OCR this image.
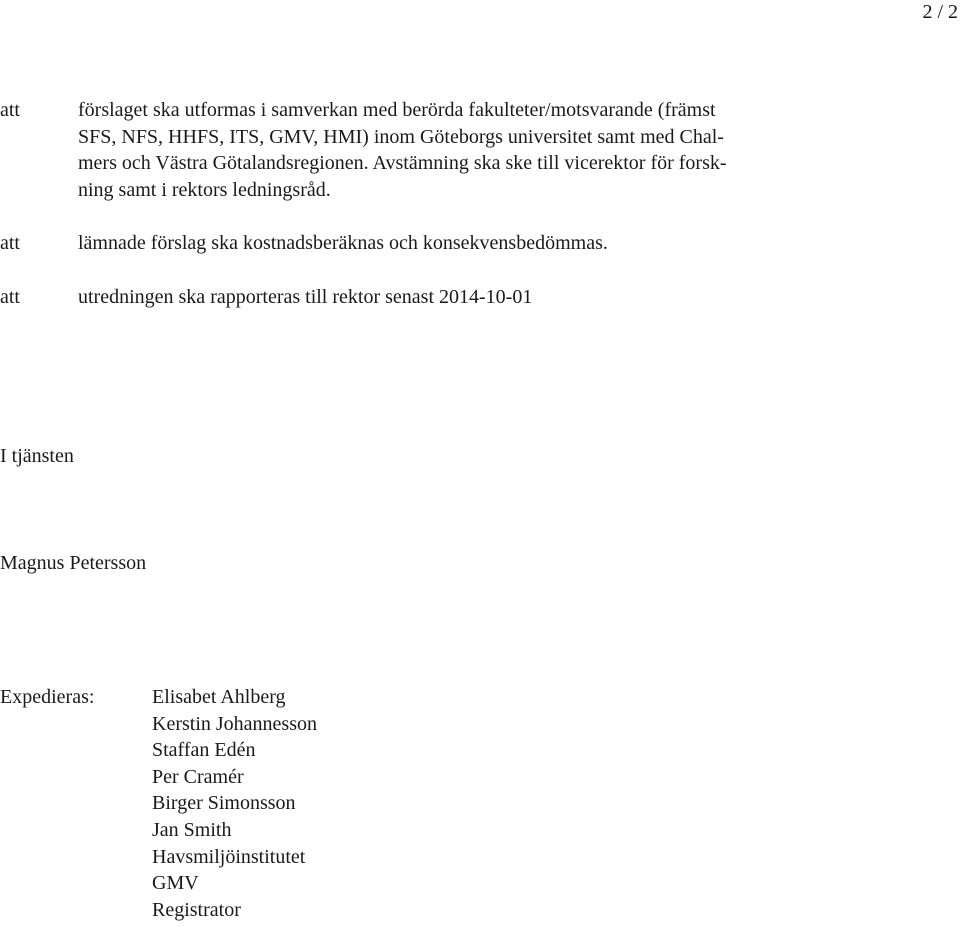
2 / 2
att	förslaget ska utformas i samverkan med berörda fakulteter/motsvarande (främst
SFS, NFS, HHFS, ITS, GMV, HMI) inom Göteborgs universitet samt med Chal-
mers och Västra Götalandsregionen. Avstämning ska ske till vicerektor för forsk-
ning samt i rektors ledningsråd.
att	lämnade förslag ska kostnadsberäknas och konsekvensbedömmas.
att	utredningen ska rapporteras till rektor senast 2014-10-01
I tjänsten
Magnus Petersson
Expedieras:	Elisabet Ahlberg
Kerstin Johannesson
Staffan Edén
Per Cramér
Birger Simonsson
Jan Smith
Havsmiljöinstitutet
GMV
Registrator
